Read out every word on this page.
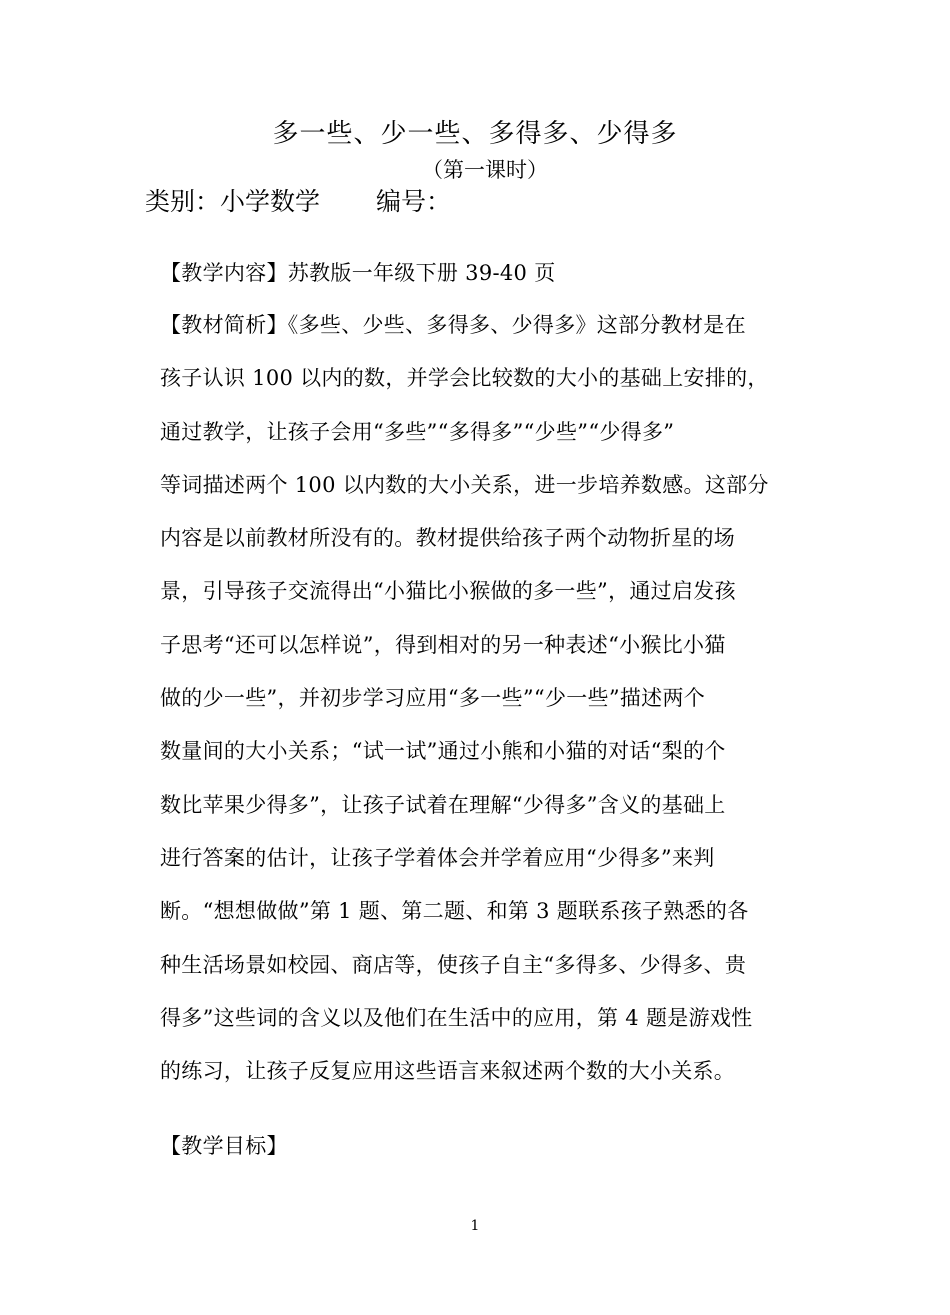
多一些、少一些、多得多、少得多
（第一课时）
类别：小学数学 编号：
【教学内容】苏教版一年级下册 39-40 页
【教材简析】《多些、少些、多得多、少得多》这部分教材是在
孩子认识 100 以内的数，并学会比较数的大小的基础上安排的，
通过教学，让孩子会用“多些”“多得多”“少些”“少得多”
等词描述两个 100 以内数的大小关系，进一步培养数感。这部分
内容是以前教材所没有的。教材提供给孩子两个动物折星的场
景，引导孩子交流得出“小猫比小猴做的多一些”，通过启发孩
子思考“还可以怎样说”，得到相对的另一种表述“小猴比小猫
做的少一些”，并初步学习应用“多一些”“少一些”描述两个
数量间的大小关系；“试一试”通过小熊和小猫的对话“梨的个
数比苹果少得多”，让孩子试着在理解“少得多”含义的基础上
进行答案的估计，让孩子学着体会并学着应用“少得多”来判
断。“想想做做”第 1 题、第二题、和第 3 题联系孩子熟悉的各
种生活场景如校园、商店等，使孩子自主“多得多、少得多、贵
得多”这些词的含义以及他们在生活中的应用，第 4 题是游戏性
的练习，让孩子反复应用这些语言来叙述两个数的大小关系。
【教学目标】
1
